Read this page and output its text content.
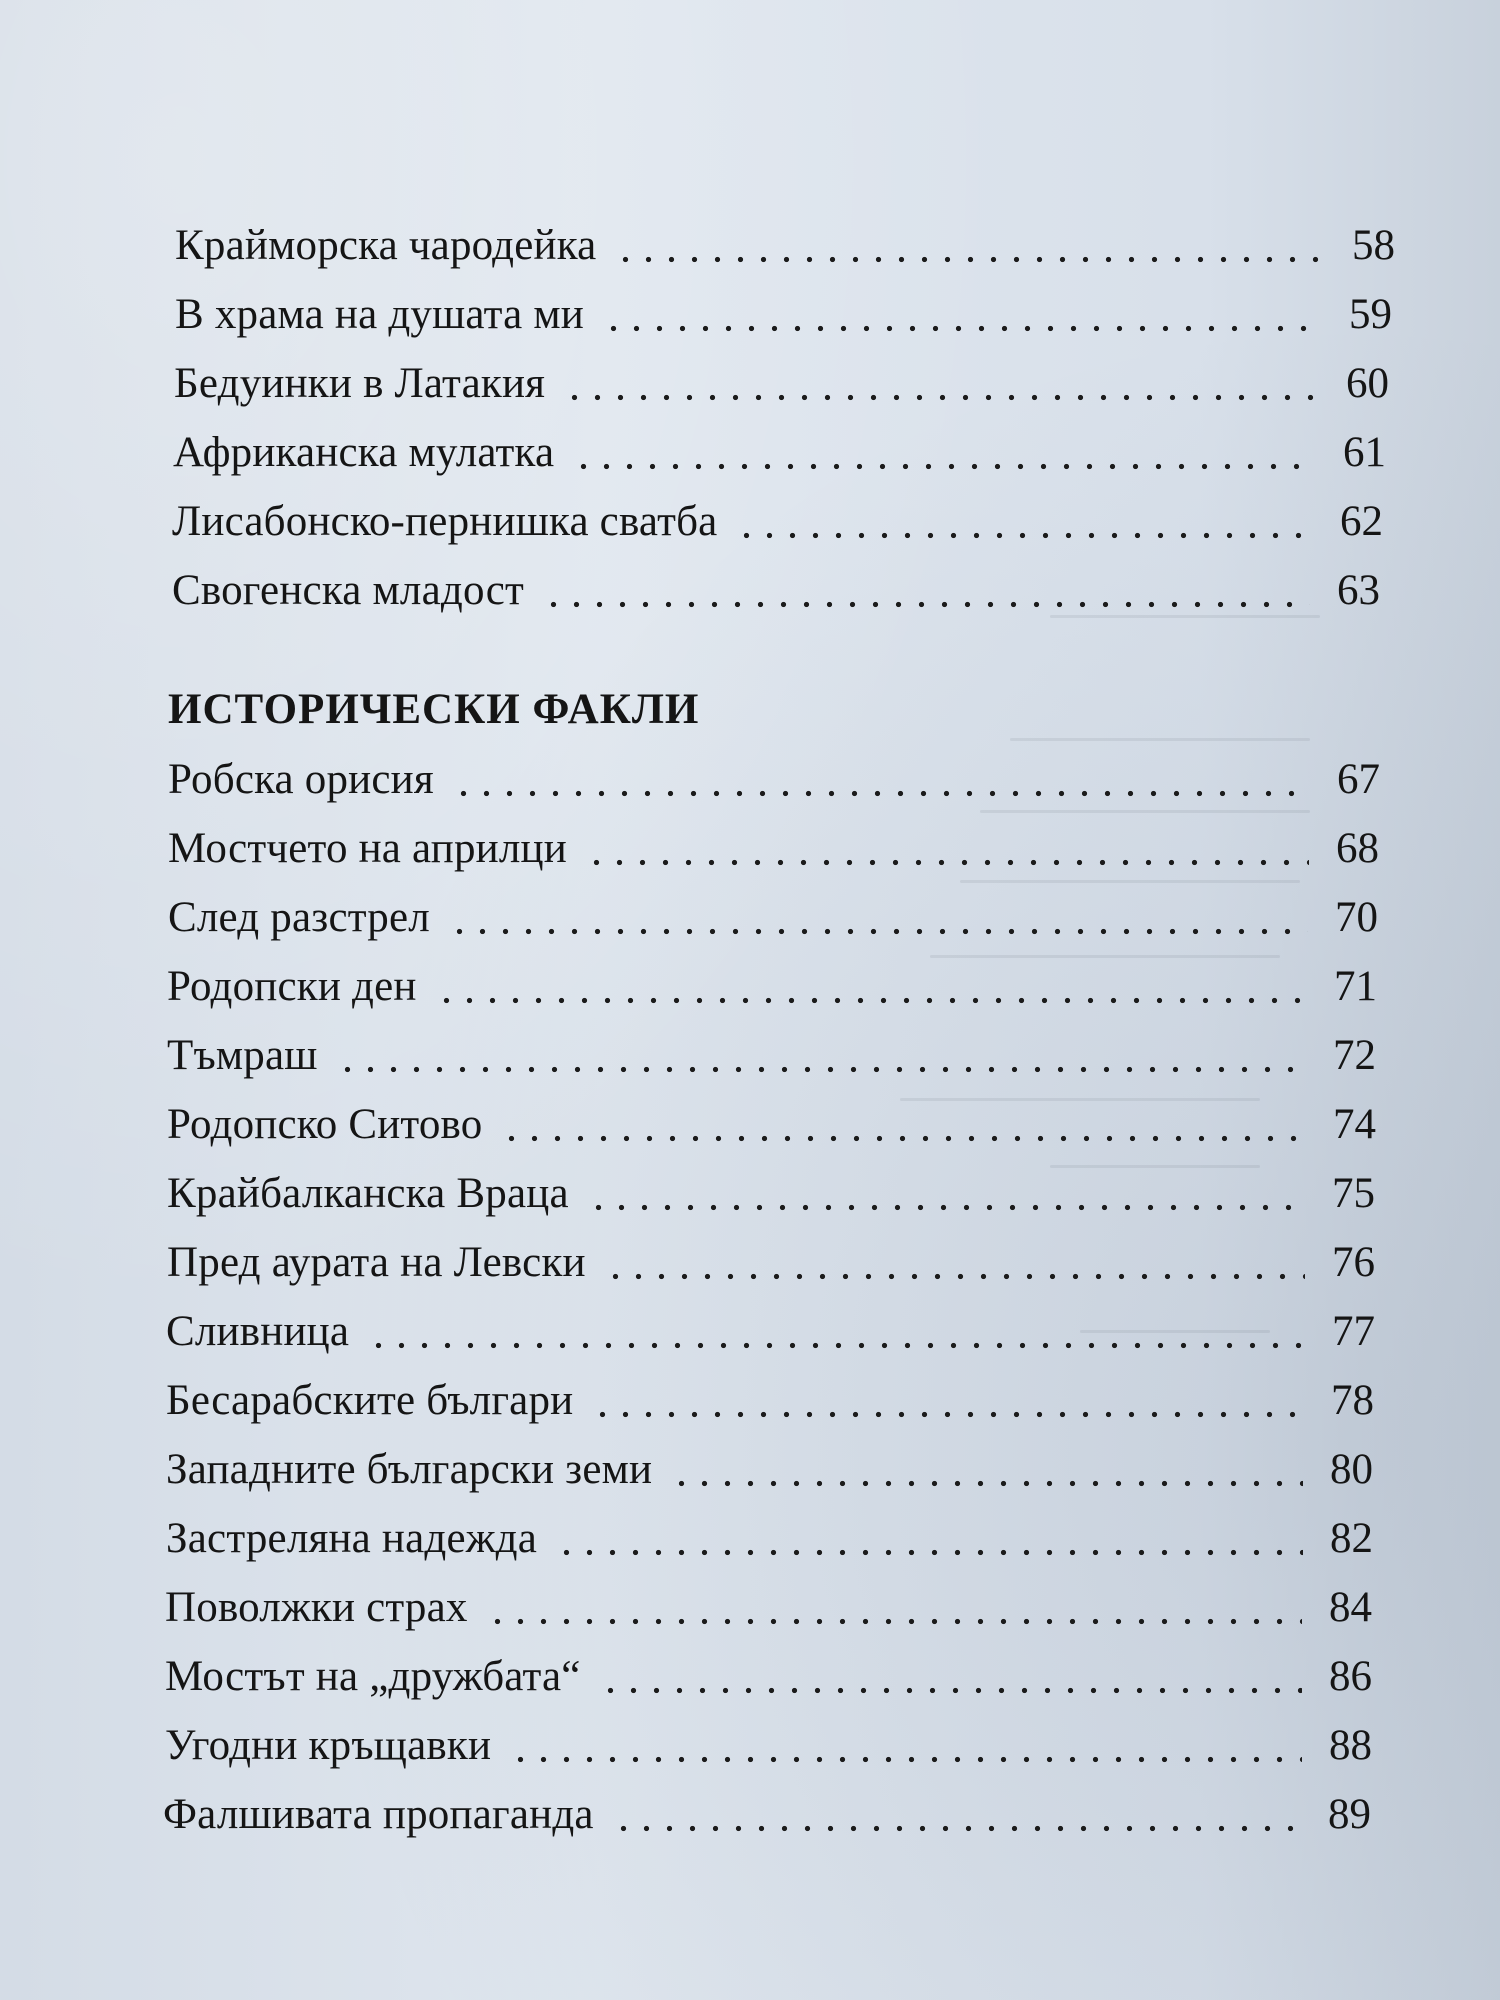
Крайморска чародейка	58
В храма на душата ми	59
Бедуинки в Латакия	60
Африканска мулатка	61
Лисабонско-пернишка сватба	62
Свогенска младост	63
ИСТОРИЧЕСКИ ФАКЛИ
Робска орисия	67
Мостчето на априлци	68
След разстрел	70
Родопски ден	71
Тъмраш	72
Родопско Ситово	74
Крайбалканска Враца	75
Пред аурата на Левски	76
Сливница	77
Бесарабските българи	78
Западните български земи	80
Застреляна надежда	82
Поволжки страх	84
Мостът на „дружбата“	86
Угодни кръщавки	88
Фалшивата пропаганда	89
